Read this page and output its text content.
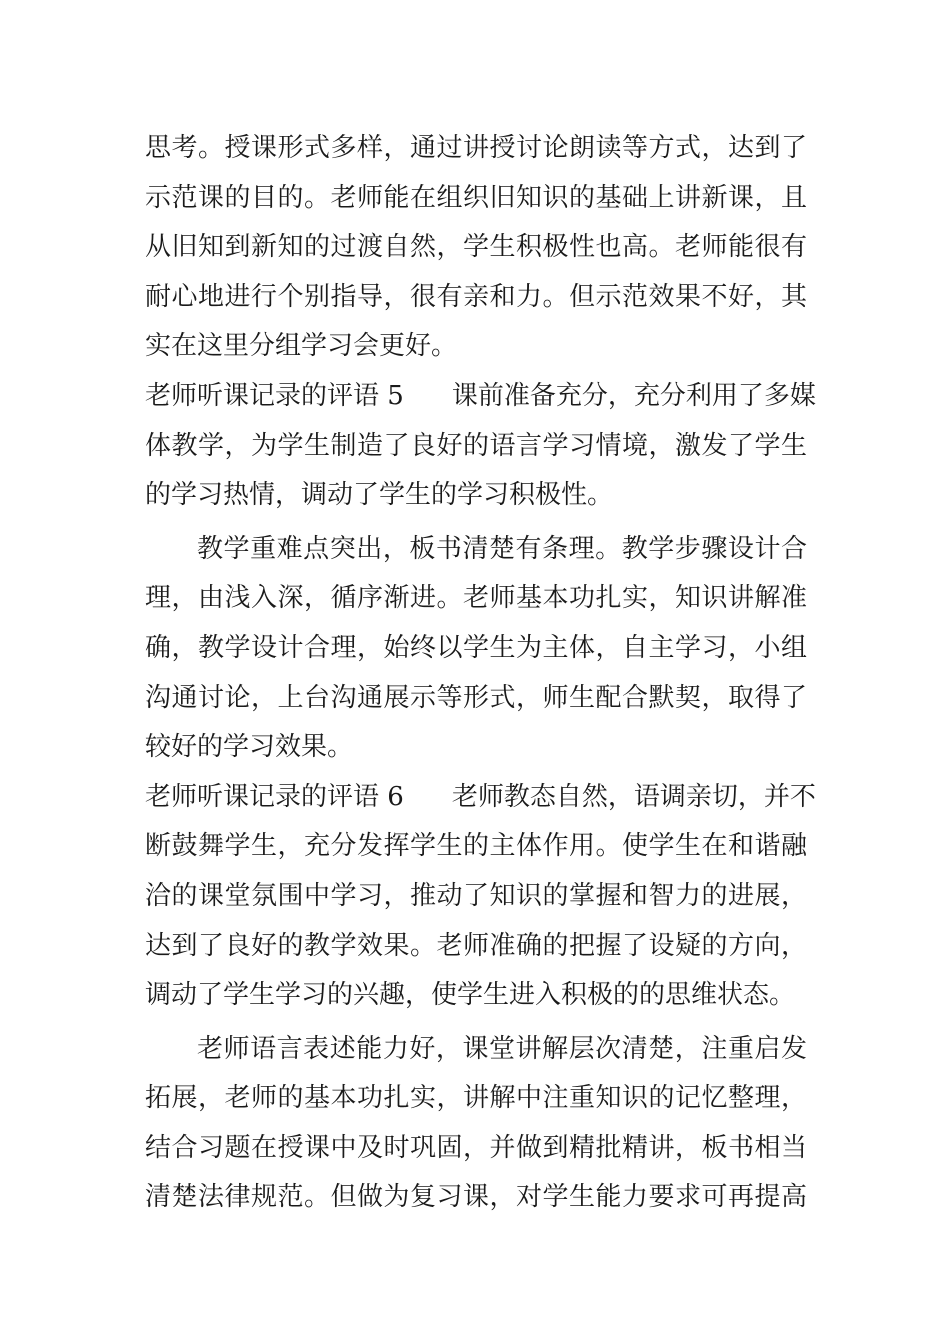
思考。授课形式多样，通过讲授讨论朗读等方式，达到了
示范课的目的。老师能在组织旧知识的基础上讲新课，且
从旧知到新知的过渡自然，学生积极性也高。老师能很有
耐心地进行个别指导，很有亲和力。但示范效果不好，其
实在这里分组学习会更好。
老师听课记录的评语 5 课前准备充分，充分利用了多媒
体教学，为学生制造了良好的语言学习情境，激发了学生
的学习热情，调动了学生的学习积极性。
教学重难点突出，板书清楚有条理。教学步骤设计合
理，由浅入深，循序渐进。老师基本功扎实，知识讲解准
确，教学设计合理，始终以学生为主体，自主学习，小组
沟通讨论，上台沟通展示等形式，师生配合默契，取得了
较好的学习效果。
老师听课记录的评语 6 老师教态自然，语调亲切，并不
断鼓舞学生，充分发挥学生的主体作用。使学生在和谐融
洽的课堂氛围中学习，推动了知识的掌握和智力的进展，
达到了良好的教学效果。老师准确的把握了设疑的方向，
调动了学生学习的兴趣，使学生进入积极的的思维状态。
老师语言表述能力好，课堂讲解层次清楚，注重启发
拓展，老师的基本功扎实，讲解中注重知识的记忆整理，
结合习题在授课中及时巩固，并做到精批精讲，板书相当
清楚法律规范。但做为复习课，对学生能力要求可再提高
